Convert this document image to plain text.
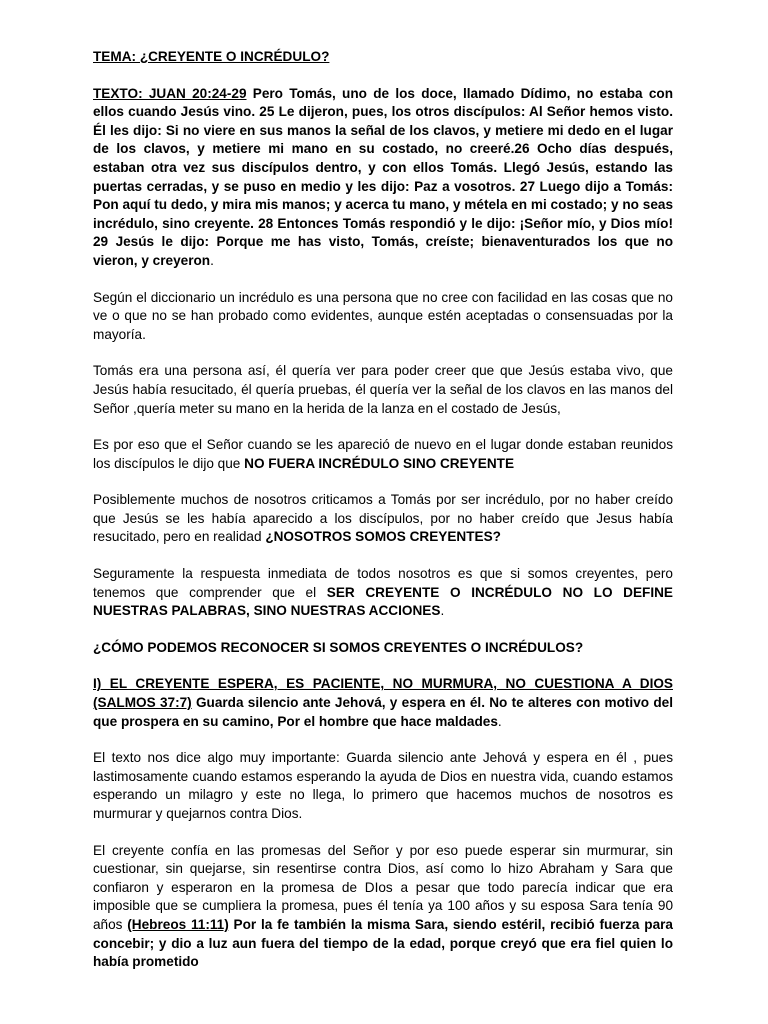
TEMA: ¿CREYENTE O INCRÉDULO?

TEXTO: JUAN 20:24-29 Pero Tomás, uno de los doce, llamado Dídimo, no estaba con ellos cuando Jesús vino. 25 Le dijeron, pues, los otros discípulos: Al Señor hemos visto. Él les dijo: Si no viere en sus manos la señal de los clavos, y metiere mi dedo en el lugar de los clavos, y metiere mi mano en su costado, no creeré.26 Ocho días después, estaban otra vez sus discípulos dentro, y con ellos Tomás. Llegó Jesús, estando las puertas cerradas, y se puso en medio y les dijo: Paz a vosotros. 27 Luego dijo a Tomás: Pon aquí tu dedo, y mira mis manos; y acerca tu mano, y métela en mi costado; y no seas incrédulo, sino creyente. 28 Entonces Tomás respondió y le dijo: ¡Señor mío, y Dios mío! 29 Jesús le dijo: Porque me has visto, Tomás, creíste; bienaventurados los que no vieron, y creyeron.

Según el diccionario un incrédulo es una persona que no cree con facilidad en las cosas que no ve o que no se han probado como evidentes, aunque estén aceptadas o consensuadas por la mayoría.

Tomás era una persona así, él quería ver para poder creer que que Jesús estaba vivo, que Jesús había resucitado, él quería pruebas, él quería ver la señal de los clavos en las manos del Señor ,quería meter su mano en la herida de la lanza en el costado de Jesús,

Es por eso que el Señor cuando se les apareció de nuevo en el lugar donde estaban reunidos los discípulos le dijo que NO FUERA INCRÉDULO SINO CREYENTE

Posiblemente muchos de nosotros criticamos a Tomás por ser incrédulo, por no haber creído que Jesús se les había aparecido a los discípulos, por no haber creído que Jesus había resucitado, pero en realidad ¿NOSOTROS SOMOS CREYENTES?

Seguramente la respuesta inmediata de todos nosotros es que si somos creyentes, pero tenemos que comprender que el SER CREYENTE O INCRÉDULO NO LO DEFINE NUESTRAS PALABRAS, SINO NUESTRAS ACCIONES.

¿CÓMO PODEMOS RECONOCER SI SOMOS CREYENTES O INCRÉDULOS?

I) EL CREYENTE ESPERA, ES PACIENTE, NO MURMURA, NO CUESTIONA A DIOS (SALMOS 37:7) Guarda silencio ante Jehová, y espera en él. No te alteres con motivo del que prospera en su camino, Por el hombre que hace maldades.

El texto nos dice algo muy importante: Guarda silencio ante Jehová y espera en él , pues lastimosamente cuando estamos esperando la ayuda de Dios en nuestra vida, cuando estamos esperando un milagro y este no llega, lo primero que hacemos muchos de nosotros es murmurar y quejarnos contra Dios.

El creyente confía en las promesas del Señor y por eso puede esperar sin murmurar, sin cuestionar, sin quejarse, sin resentirse contra Dios, así como lo hizo Abraham y Sara que confiaron y esperaron en la promesa de DIos a pesar que todo parecía indicar que era imposible que se cumpliera la promesa, pues él tenía ya 100 años y su esposa Sara tenía 90 años (Hebreos 11:11) Por la fe también la misma Sara, siendo estéril, recibió fuerza para concebir; y dio a luz aun fuera del tiempo de la edad, porque creyó que era fiel quien lo había prometido
